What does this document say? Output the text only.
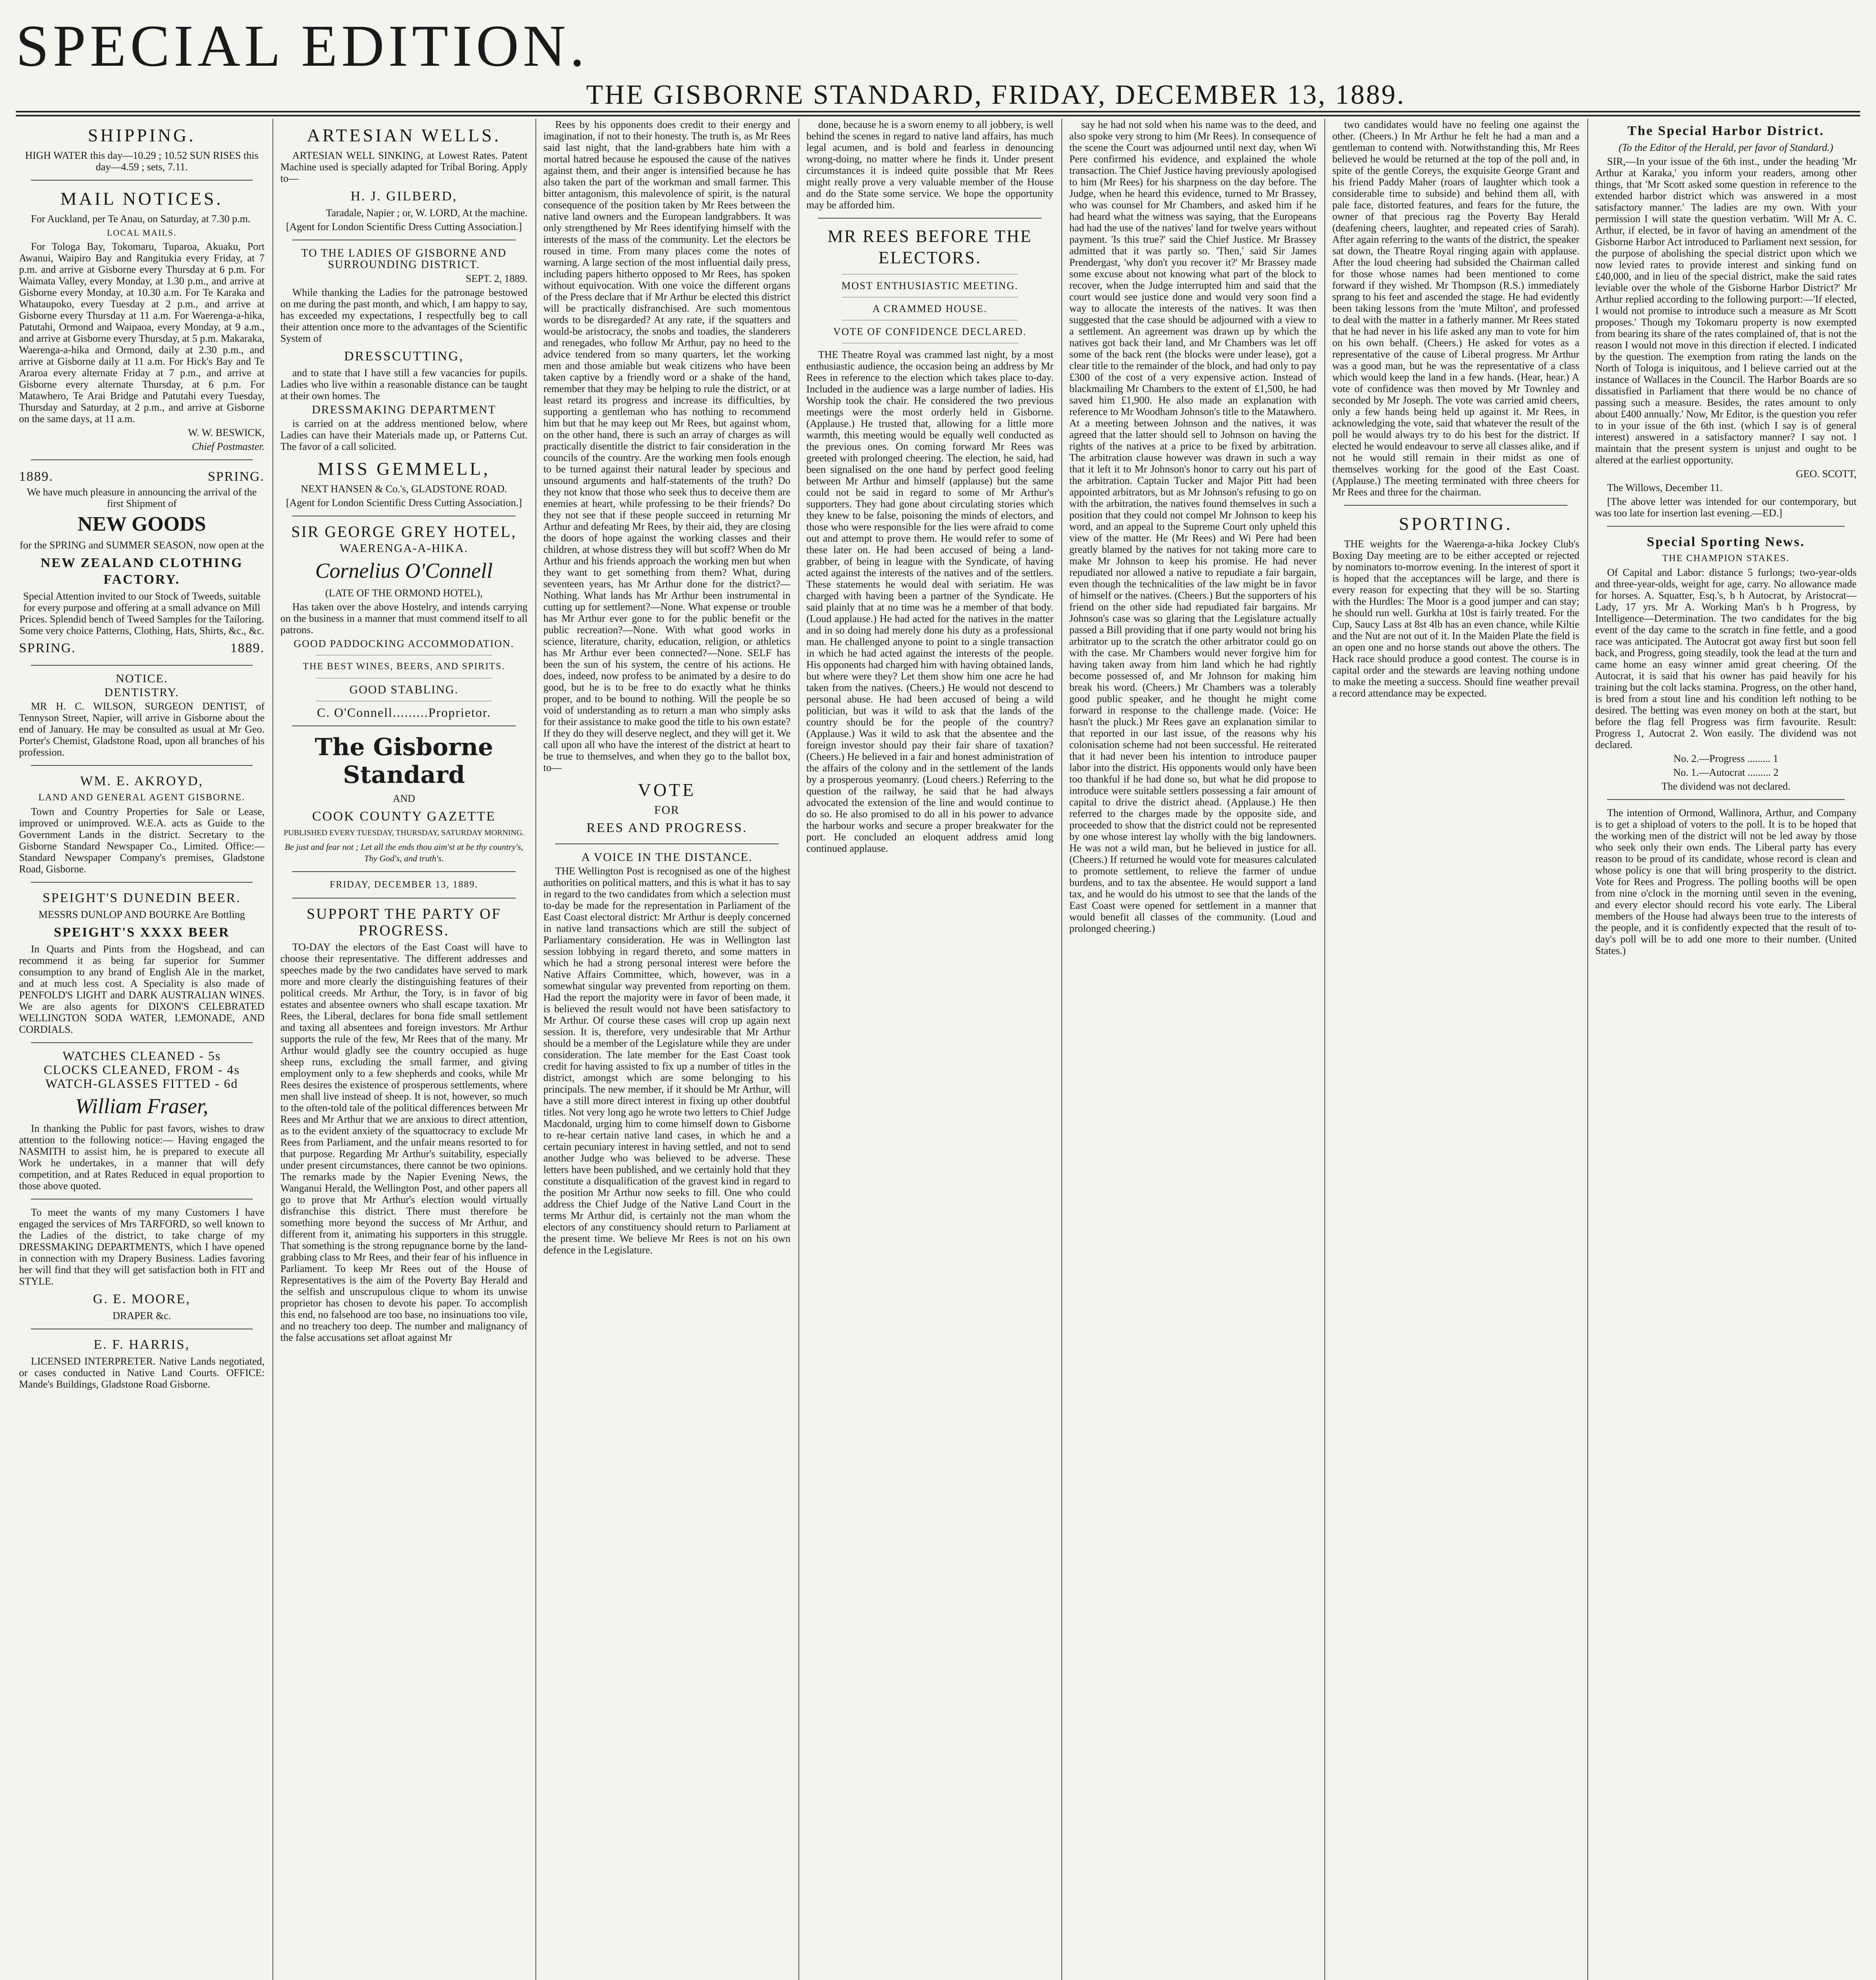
SPECIAL EDITION.
THE GISBORNE STANDARD, FRIDAY, DECEMBER 13, 1889.
SHIPPING.

HIGH WATER this day—10.29 ; 10.52 SUN RISES this day—4.59 ; sets, 7.11.

MAIL NOTICES.

For Auckland, per Te Anau, on Saturday, at 7.30 p.m.

LOCAL MAILS.

For Tologa Bay, Tokomaru, Tuparoa, Akuaku, Port Awanui, Waipiro Bay and Rangitukia every Friday, at 7 p.m. and arrive at Gisborne every Thursday at 6 p.m. For Waimata Valley, every Monday, at 1.30 p.m., and arrive at Gisborne every Monday, at 10.30 a.m. For Te Karaka and Whataupoko, every Tuesday at 2 p.m., and arrive at Gisborne every Thursday at 11 a.m. For Waerenga-a-hika, Patutahi, Ormond and Waipaoa, every Monday, at 9 a.m., and arrive at Gisborne every Thursday, at 5 p.m. Makaraka, Waerenga-a-hika and Ormond, daily at 2.30 p.m., and arrive at Gisborne daily at 11 a.m. For Hick's Bay and Te Araroa every alternate Friday at 7 p.m., and arrive at Gisborne every alternate Thursday, at 6 p.m. For Matawhero, Te Arai Bridge and Patutahi every Tuesday, Thursday and Saturday, at 2 p.m., and arrive at Gisborne on the same days, at 11 a.m.

W. W. BESWICK,

Chief Postmaster.

1889.	SPRING.

We have much pleasure in announcing the arrival of the first Shipment of

NEW GOODS

for the SPRING and SUMMER SEASON, now open at the

NEW ZEALAND CLOTHING FACTORY.

Special Attention invited to our Stock of Tweeds, suitable for every purpose and offering at a small advance on Mill Prices. Splendid bench of Tweed Samples for the Tailoring. Some very choice Patterns, Clothing, Hats, Shirts, &c., &c.

SPRING.	1889.
NOTICE.
DENTISTRY.

MR H. C. WILSON, SURGEON DENTIST, of Tennyson Street, Napier, will arrive in Gisborne about the end of January. He may be consulted as usual at Mr Geo. Porter's Chemist, Gladstone Road, upon all branches of his profession.

WM. E. AKROYD,
LAND AND GENERAL AGENT GISBORNE.

Town and Country Properties for Sale or Lease, improved or unimproved. W.E.A. acts as Guide to the Government Lands in the district. Secretary to the Gisborne Standard Newspaper Co., Limited. Office:—Standard Newspaper Company's premises, Gladstone Road, Gisborne.

SPEIGHT'S DUNEDIN BEER.

MESSRS DUNLOP AND BOURKE Are Bottling

SPEIGHT'S XXXX BEER

In Quarts and Pints from the Hogshead, and can recommend it as being far superior for Summer consumption to any brand of English Ale in the market, and at much less cost. A Speciality is also made of PENFOLD'S LIGHT and DARK AUSTRALIAN WINES. We are also agents for DIXON'S CELEBRATED WELLINGTON SODA WATER, LEMONADE, AND CORDIALS.

WATCHES CLEANED - 5s
CLOCKS CLEANED, FROM - 4s
WATCH-GLASSES FITTED - 6d
William Fraser,

In thanking the Public for past favors, wishes to draw attention to the following notice:— Having engaged the NASMITH to assist him, he is prepared to execute all Work he undertakes, in a manner that will defy competition, and at Rates Reduced in equal proportion to those above quoted.

To meet the wants of my many Customers I have engaged the services of Mrs TARFORD, so well known to the Ladies of the district, to take charge of my DRESSMAKING DEPARTMENTS, which I have opened in connection with my Drapery Business. Ladies favoring her will find that they will get satisfaction both in FIT and STYLE.

G. E. MOORE,

DRAPER &c.

E. F. HARRIS,

LICENSED INTERPRETER. Native Lands negotiated, or cases conducted in Native Land Courts. OFFICE: Mande's Buildings, Gladstone Road Gisborne.

ARTESIAN WELLS.

ARTESIAN WELL SINKING, at Lowest Rates. Patent Machine used is specially adapted for Tribal Boring. Apply to—

H. J. GILBERD,

Taradale, Napier ; or, W. LORD, At the machine.

[Agent for London Scientific Dress Cutting Association.]

TO THE LADIES OF GISBORNE AND SURROUNDING DISTRICT.

SEPT. 2, 1889.

While thanking the Ladies for the patronage bestowed on me during the past month, and which, I am happy to say, has exceeded my expectations, I respectfully beg to call their attention once more to the advantages of the Scientific System of

DRESSCUTTING,

and to state that I have still a few vacancies for pupils. Ladies who live within a reasonable distance can be taught at their own homes. The

DRESSMAKING DEPARTMENT

is carried on at the address mentioned below, where Ladies can have their Materials made up, or Patterns Cut. The favor of a call solicited.

MISS GEMMELL,

NEXT HANSEN & Co.'s, GLADSTONE ROAD.

[Agent for London Scientific Dress Cutting Association.]

SIR GEORGE GREY HOTEL,
WAERENGA-A-HIKA.
Cornelius O'Connell

(LATE OF THE ORMOND HOTEL),

Has taken over the above Hostelry, and intends carrying on the business in a manner that must commend itself to all patrons.

GOOD PADDOCKING ACCOMMODATION.
THE BEST WINES, BEERS, AND SPIRITS.
GOOD STABLING.
C. O'Connell.........Proprietor.
The Gisborne Standard

AND

COOK COUNTY GAZETTE

PUBLISHED EVERY TUESDAY, THURSDAY, SATURDAY MORNING.

Be just and fear not ; Let all the ends thou aim'st at be thy country's, Thy God's, and truth's.

FRIDAY, DECEMBER 13, 1889.
SUPPORT THE PARTY OF PROGRESS.

TO-DAY the electors of the East Coast will have to choose their representative. The different addresses and speeches made by the two candidates have served to mark more and more clearly the distinguishing features of their political creeds. Mr Arthur, the Tory, is in favor of big estates and absentee owners who shall escape taxation. Mr Rees, the Liberal, declares for bona fide small settlement and taxing all absentees and foreign investors. Mr Arthur supports the rule of the few, Mr Rees that of the many. Mr Arthur would gladly see the country occupied as huge sheep runs, excluding the small farmer, and giving employment only to a few shepherds and cooks, while Mr Rees desires the existence of prosperous settlements, where men shall live instead of sheep. It is not, however, so much to the often-told tale of the political differences between Mr Rees and Mr Arthur that we are anxious to direct attention, as to the evident anxiety of the squattocracy to exclude Mr Rees from Parliament, and the unfair means resorted to for that purpose. Regarding Mr Arthur's suitability, especially under present circumstances, there cannot be two opinions. The remarks made by the Napier Evening News, the Wanganui Herald, the Wellington Post, and other papers all go to prove that Mr Arthur's election would virtually disfranchise this district. There must therefore be something more beyond the success of Mr Arthur, and different from it, animating his supporters in this struggle. That something is the strong repugnance borne by the land-grabbing class to Mr Rees, and their fear of his influence in Parliament. To keep Mr Rees out of the House of Representatives is the aim of the Poverty Bay Herald and the selfish and unscrupulous clique to whom its unwise proprietor has chosen to devote his paper. To accomplish this end, no falsehood are too base, no insinuations too vile, and no treachery too deep. The number and malignancy of the false accusations set afloat against Mr

Rees by his opponents does credit to their energy and imagination, if not to their honesty. The truth is, as Mr Rees said last night, that the land-grabbers hate him with a mortal hatred because he espoused the cause of the natives against them, and their anger is intensified because he has also taken the part of the workman and small farmer. This bitter antagonism, this malevolence of spirit, is the natural consequence of the position taken by Mr Rees between the native land owners and the European landgrabbers. It was only strengthened by Mr Rees identifying himself with the interests of the mass of the community. Let the electors be roused in time. From many places come the notes of warning. A large section of the most influential daily press, including papers hitherto opposed to Mr Rees, has spoken without equivocation. With one voice the different organs of the Press declare that if Mr Arthur be elected this district will be practically disfranchised. Are such momentous words to be disregarded? At any rate, if the squatters and would-be aristocracy, the snobs and toadies, the slanderers and renegades, who follow Mr Arthur, pay no heed to the advice tendered from so many quarters, let the working men and those amiable but weak citizens who have been taken captive by a friendly word or a shake of the hand, remember that they may be helping to rule the district, or at least retard its progress and increase its difficulties, by supporting a gentleman who has nothing to recommend him but that he may keep out Mr Rees, but against whom, on the other hand, there is such an array of charges as will practically disentitle the district to fair consideration in the councils of the country. Are the working men fools enough to be turned against their natural leader by specious and unsound arguments and half-statements of the truth? Do they not know that those who seek thus to deceive them are enemies at heart, while professing to be their friends? Do they not see that if these people succeed in returning Mr Arthur and defeating Mr Rees, by their aid, they are closing the doors of hope against the working classes and their children, at whose distress they will but scoff? When do Mr Arthur and his friends approach the working men but when they want to get something from them? What, during seventeen years, has Mr Arthur done for the district?—Nothing. What lands has Mr Arthur been instrumental in cutting up for settlement?—None. What expense or trouble has Mr Arthur ever gone to for the public benefit or the public recreation?—None. With what good works in science, literature, charity, education, religion, or athletics has Mr Arthur ever been connected?—None. SELF has been the sun of his system, the centre of his actions. He does, indeed, now profess to be animated by a desire to do good, but he is to be free to do exactly what he thinks proper, and to be bound to nothing. Will the people be so void of understanding as to return a man who simply asks for their assistance to make good the title to his own estate? If they do they will deserve neglect, and they will get it. We call upon all who have the interest of the district at heart to be true to themselves, and when they go to the ballot box, to—

VOTE
FOR
REES AND PROGRESS.
A VOICE IN THE DISTANCE.

THE Wellington Post is recognised as one of the highest authorities on political matters, and this is what it has to say in regard to the two candidates from which a selection must to-day be made for the representation in Parliament of the East Coast electoral district: Mr Arthur is deeply concerned in native land transactions which are still the subject of Parliamentary consideration. He was in Wellington last session lobbying in regard thereto, and some matters in which he had a strong personal interest were before the Native Affairs Committee, which, however, was in a somewhat singular way prevented from reporting on them. Had the report the majority were in favor of been made, it is believed the result would not have been satisfactory to Mr Arthur. Of course these cases will crop up again next session. It is, therefore, very undesirable that Mr Arthur should be a member of the Legislature while they are under consideration. The late member for the East Coast took credit for having assisted to fix up a number of titles in the district, amongst which are some belonging to his principals. The new member, if it should be Mr Arthur, will have a still more direct interest in fixing up other doubtful titles. Not very long ago he wrote two letters to Chief Judge Macdonald, urging him to come himself down to Gisborne to re-hear certain native land cases, in which he and a certain pecuniary interest in having settled, and not to send another Judge who was believed to be adverse. These letters have been published, and we certainly hold that they constitute a disqualification of the gravest kind in regard to the position Mr Arthur now seeks to fill. One who could address the Chief Judge of the Native Land Court in the terms Mr Arthur did, is certainly not the man whom the electors of any constituency should return to Parliament at the present time. We believe Mr Rees is not on his own defence in the Legislature.

done, because he is a sworn enemy to all jobbery, is well behind the scenes in regard to native land affairs, has much legal acumen, and is bold and fearless in denouncing wrong-doing, no matter where he finds it. Under present circumstances it is indeed quite possible that Mr Rees might really prove a very valuable member of the House and do the State some service. We hope the opportunity may be afforded him.

MR REES BEFORE THE ELECTORS.
MOST ENTHUSIASTIC MEETING.
A CRAMMED HOUSE.
VOTE OF CONFIDENCE DECLARED.

THE Theatre Royal was crammed last night, by a most enthusiastic audience, the occasion being an address by Mr Rees in reference to the election which takes place to-day. Included in the audience was a large number of ladies. His Worship took the chair. He considered the two previous meetings were the most orderly held in Gisborne. (Applause.) He trusted that, allowing for a little more warmth, this meeting would be equally well conducted as the previous ones. On coming forward Mr Rees was greeted with prolonged cheering. The election, he said, had been signalised on the one hand by perfect good feeling between Mr Arthur and himself (applause) but the same could not be said in regard to some of Mr Arthur's supporters. They had gone about circulating stories which they knew to be false, poisoning the minds of electors, and those who were responsible for the lies were afraid to come out and attempt to prove them. He would refer to some of these later on. He had been accused of being a land-grabber, of being in league with the Syndicate, of having acted against the interests of the natives and of the settlers. These statements he would deal with seriatim. He was charged with having been a partner of the Syndicate. He said plainly that at no time was he a member of that body. (Loud applause.) He had acted for the natives in the matter and in so doing had merely done his duty as a professional man. He challenged anyone to point to a single transaction in which he had acted against the interests of the people. His opponents had charged him with having obtained lands, but where were they? Let them show him one acre he had taken from the natives. (Cheers.) He would not descend to personal abuse. He had been accused of being a wild politician, but was it wild to ask that the lands of the country should be for the people of the country? (Applause.) Was it wild to ask that the absentee and the foreign investor should pay their fair share of taxation? (Cheers.) He believed in a fair and honest administration of the affairs of the colony and in the settlement of the lands by a prosperous yeomanry. (Loud cheers.) Referring to the question of the railway, he said that he had always advocated the extension of the line and would continue to do so. He also promised to do all in his power to advance the harbour works and secure a proper breakwater for the port. He concluded an eloquent address amid long continued applause.

say he had not sold when his name was to the deed, and also spoke very strong to him (Mr Rees). In consequence of the scene the Court was adjourned until next day, when Wi Pere confirmed his evidence, and explained the whole transaction. The Chief Justice having previously apologised to him (Mr Rees) for his sharpness on the day before. The Judge, when he heard this evidence, turned to Mr Brassey, who was counsel for Mr Chambers, and asked him if he had heard what the witness was saying, that the Europeans had had the use of the natives' land for twelve years without payment. 'Is this true?' said the Chief Justice. Mr Brassey admitted that it was partly so. 'Then,' said Sir James Prendergast, 'why don't you recover it?' Mr Brassey made some excuse about not knowing what part of the block to recover, when the Judge interrupted him and said that the court would see justice done and would very soon find a way to allocate the interests of the natives. It was then suggested that the case should be adjourned with a view to a settlement. An agreement was drawn up by which the natives got back their land, and Mr Chambers was let off some of the back rent (the blocks were under lease), got a clear title to the remainder of the block, and had only to pay £300 of the cost of a very expensive action. Instead of blackmailing Mr Chambers to the extent of £1,500, he had saved him £1,900. He also made an explanation with reference to Mr Woodham Johnson's title to the Matawhero. At a meeting between Johnson and the natives, it was agreed that the latter should sell to Johnson on having the rights of the natives at a price to be fixed by arbitration. The arbitration clause however was drawn in such a way that it left it to Mr Johnson's honor to carry out his part of the arbitration. Captain Tucker and Major Pitt had been appointed arbitrators, but as Mr Johnson's refusing to go on with the arbitration, the natives found themselves in such a position that they could not compel Mr Johnson to keep his word, and an appeal to the Supreme Court only upheld this view of the matter. He (Mr Rees) and Wi Pere had been greatly blamed by the natives for not taking more care to make Mr Johnson to keep his promise. He had never repudiated nor allowed a native to repudiate a fair bargain, even though the technicalities of the law might be in favor of himself or the natives. (Cheers.) But the supporters of his friend on the other side had repudiated fair bargains. Mr Johnson's case was so glaring that the Legislature actually passed a Bill providing that if one party would not bring his arbitrator up to the scratch the other arbitrator could go on with the case. Mr Chambers would never forgive him for having taken away from him land which he had rightly become possessed of, and Mr Johnson for making him break his word. (Cheers.) Mr Chambers was a tolerably good public speaker, and he thought he might come forward in response to the challenge made. (Voice: He hasn't the pluck.) Mr Rees gave an explanation similar to that reported in our last issue, of the reasons why his colonisation scheme had not been successful. He reiterated that it had never been his intention to introduce pauper labor into the district. His opponents would only have been too thankful if he had done so, but what he did propose to introduce were suitable settlers possessing a fair amount of capital to drive the district ahead. (Applause.) He then referred to the charges made by the opposite side, and proceeded to show that the district could not be represented by one whose interest lay wholly with the big landowners. He was not a wild man, but he believed in justice for all. (Cheers.) If returned he would vote for measures calculated to promote settlement, to relieve the farmer of undue burdens, and to tax the absentee. He would support a land tax, and he would do his utmost to see that the lands of the East Coast were opened for settlement in a manner that would benefit all classes of the community. (Loud and prolonged cheering.)

two candidates would have no feeling one against the other. (Cheers.) In Mr Arthur he felt he had a man and a gentleman to contend with. Notwithstanding this, Mr Rees believed he would be returned at the top of the poll and, in spite of the gentle Coreys, the exquisite George Grant and his friend Paddy Maher (roars of laughter which took a considerable time to subside) and behind them all, with pale face, distorted features, and fears for the future, the owner of that precious rag the Poverty Bay Herald (deafening cheers, laughter, and repeated cries of Sarah). After again referring to the wants of the district, the speaker sat down, the Theatre Royal ringing again with applause. After the loud cheering had subsided the Chairman called for those whose names had been mentioned to come forward if they wished. Mr Thompson (R.S.) immediately sprang to his feet and ascended the stage. He had evidently been taking lessons from the 'mute Milton', and professed to deal with the matter in a fatherly manner. Mr Rees stated that he had never in his life asked any man to vote for him on his own behalf. (Cheers.) He asked for votes as a representative of the cause of Liberal progress. Mr Arthur was a good man, but he was the representative of a class which would keep the land in a few hands. (Hear, hear.) A vote of confidence was then moved by Mr Townley and seconded by Mr Joseph. The vote was carried amid cheers, only a few hands being held up against it. Mr Rees, in acknowledging the vote, said that whatever the result of the poll he would always try to do his best for the district. If elected he would endeavour to serve all classes alike, and if not he would still remain in their midst as one of themselves working for the good of the East Coast. (Applause.) The meeting terminated with three cheers for Mr Rees and three for the chairman.

SPORTING.

THE weights for the Waerenga-a-hika Jockey Club's Boxing Day meeting are to be either accepted or rejected by nominators to-morrow evening. In the interest of sport it is hoped that the acceptances will be large, and there is every reason for expecting that they will be so. Starting with the Hurdles: The Moor is a good jumper and can stay; he should run well. Gurkha at 10st is fairly treated. For the Cup, Saucy Lass at 8st 4lb has an even chance, while Kiltie and the Nut are not out of it. In the Maiden Plate the field is an open one and no horse stands out above the others. The Hack race should produce a good contest. The course is in capital order and the stewards are leaving nothing undone to make the meeting a success. Should fine weather prevail a record attendance may be expected.

The Special Harbor District.

(To the Editor of the Herald, per favor of Standard.)

SIR,—In your issue of the 6th inst., under the heading 'Mr Arthur at Karaka,' you inform your readers, among other things, that 'Mr Scott asked some question in reference to the extended harbor district which was answered in a most satisfactory manner.' The ladies are my own. With your permission I will state the question verbatim. 'Will Mr A. C. Arthur, if elected, be in favor of having an amendment of the Gisborne Harbor Act introduced to Parliament next session, for the purpose of abolishing the special district upon which we now levied rates to provide interest and sinking fund on £40,000, and in lieu of the special district, make the said rates leviable over the whole of the Gisborne Harbor District?' Mr Arthur replied according to the following purport:—'If elected, I would not promise to introduce such a measure as Mr Scott proposes.' Though my Tokomaru property is now exempted from bearing its share of the rates complained of, that is not the reason I would not move in this direction if elected. I indicated by the question. The exemption from rating the lands on the North of Tologa is iniquitous, and I believe carried out at the instance of Wallaces in the Council. The Harbor Boards are so dissatisfied in Parliament that there would be no chance of passing such a measure. Besides, the rates amount to only about £400 annually.' Now, Mr Editor, is the question you refer to in your issue of the 6th inst. (which I say is of general interest) answered in a satisfactory manner? I say not. I maintain that the present system is unjust and ought to be altered at the earliest opportunity.

GEO. SCOTT,

The Willows, December 11.

[The above letter was intended for our contemporary, but was too late for insertion last evening.—ED.]

Special Sporting News.
THE CHAMPION STAKES.

Of Capital and Labor: distance 5 furlongs; two-year-olds and three-year-olds, weight for age, carry. No allowance made for horses. A. Squatter, Esq.'s, b h Autocrat, by Aristocrat—Lady, 17 yrs. Mr A. Working Man's b h Progress, by Intelligence—Determination. The two candidates for the big event of the day came to the scratch in fine fettle, and a good race was anticipated. The Autocrat got away first but soon fell back, and Progress, going steadily, took the lead at the turn and came home an easy winner amid great cheering. Of the Autocrat, it is said that his owner has paid heavily for his training but the colt lacks stamina. Progress, on the other hand, is bred from a stout line and his condition left nothing to be desired. The betting was even money on both at the start, but before the flag fell Progress was firm favourite. Result: Progress 1, Autocrat 2. Won easily. The dividend was not declared.

No. 2.—Progress ......... 1

No. 1.—Autocrat ......... 2

The dividend was not declared.

The intention of Ormond, Wallinora, Arthur, and Company is to get a shipload of voters to the poll. It is to be hoped that the working men of the district will not be led away by those who seek only their own ends. The Liberal party has every reason to be proud of its candidate, whose record is clean and whose policy is one that will bring prosperity to the district. Vote for Rees and Progress. The polling booths will be open from nine o'clock in the morning until seven in the evening, and every elector should record his vote early. The Liberal members of the House had always been true to the interests of the people, and it is confidently expected that the result of to-day's poll will be to add one more to their number. (United States.)
